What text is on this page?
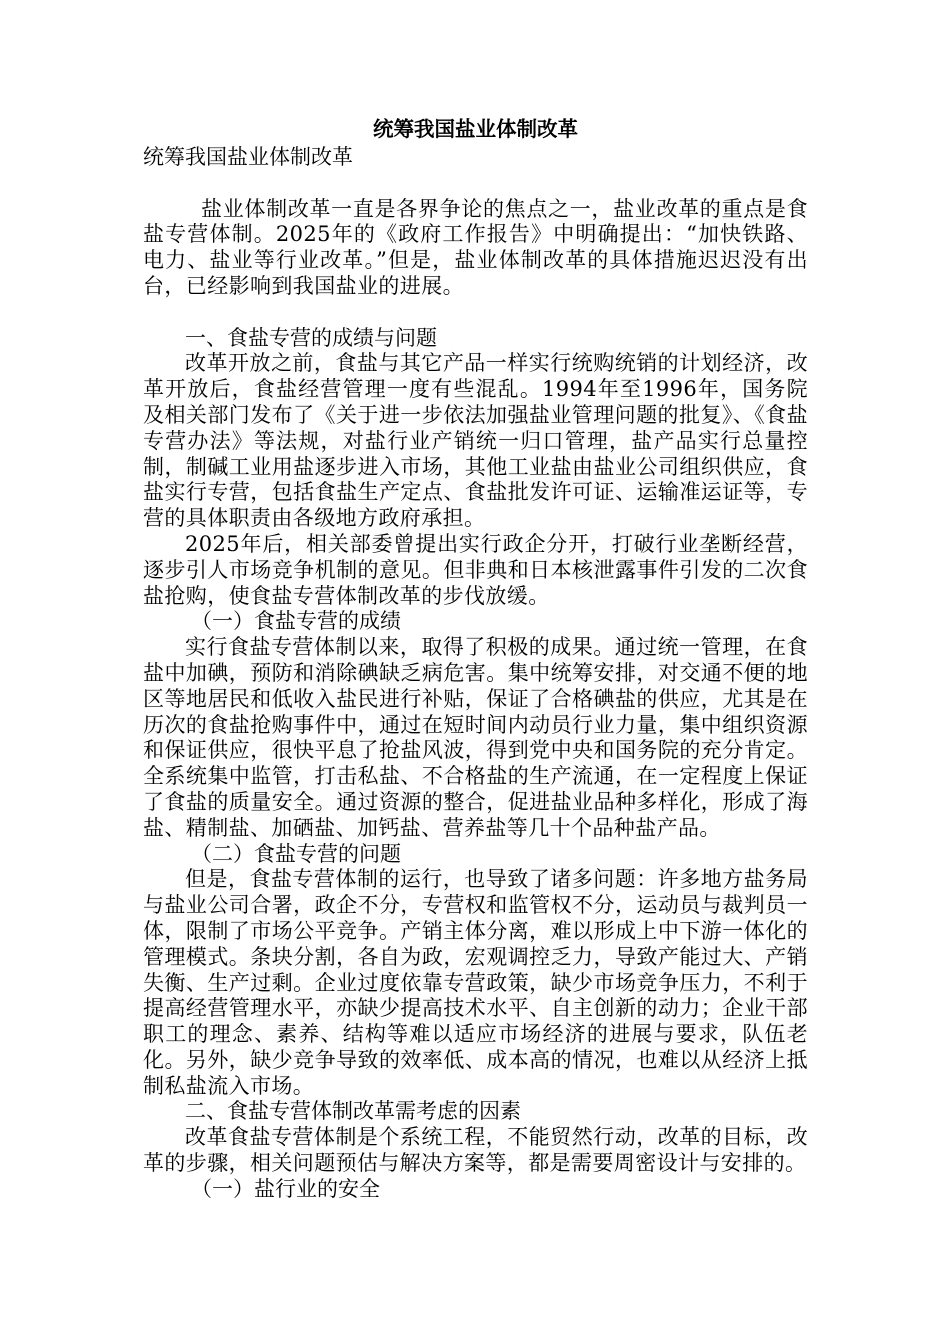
统筹我国盐业体制改革
统筹我国盐业体制改革

盐业体制改革一直是各界争论的焦点之一，盐业改革的重点是食盐专营体制。2025年的《政府工作报告》中明确提出：“加快铁路、电力、盐业等行业改革。”但是，盐业体制改革的具体措施迟迟没有出台，已经影响到我国盐业的进展。

一、食盐专营的成绩与问题

改革开放之前，食盐与其它产品一样实行统购统销的计划经济，改革开放后，食盐经营管理一度有些混乱。1994年至1996年，国务院及相关部门发布了《关于进一步依法加强盐业管理问题的批复》、《食盐专营办法》等法规，对盐行业产销统一归口管理，盐产品实行总量控制，制碱工业用盐逐步进入市场，其他工业盐由盐业公司组织供应，食盐实行专营，包括食盐生产定点、食盐批发许可证、运输准运证等，专营的具体职责由各级地方政府承担。

2025年后，相关部委曾提出实行政企分开，打破行业垄断经营，逐步引人市场竞争机制的意见。但非典和日本核泄露事件引发的二次食盐抢购，使食盐专营体制改革的步伐放缓。

（一）食盐专营的成绩

实行食盐专营体制以来，取得了积极的成果。通过统一管理，在食盐中加碘，预防和消除碘缺乏病危害。集中统筹安排，对交通不便的地区等地居民和低收入盐民进行补贴，保证了合格碘盐的供应，尤其是在历次的食盐抢购事件中，通过在短时间内动员行业力量，集中组织资源和保证供应，很快平息了抢盐风波，得到党中央和国务院的充分肯定。全系统集中监管，打击私盐、不合格盐的生产流通，在一定程度上保证了食盐的质量安全。通过资源的整合，促进盐业品种多样化，形成了海盐、精制盐、加硒盐、加钙盐、营养盐等几十个品种盐产品。

（二）食盐专营的问题

但是，食盐专营体制的运行，也导致了诸多问题：许多地方盐务局与盐业公司合署，政企不分，专营权和监管权不分，运动员与裁判员一体，限制了市场公平竞争。产销主体分离，难以形成上中下游一体化的管理模式。条块分割，各自为政，宏观调控乏力，导致产能过大、产销失衡、生产过剩。企业过度依靠专营政策，缺少市场竞争压力，不利于提高经营管理水平，亦缺少提高技术水平、自主创新的动力；企业干部职工的理念、素养、结构等难以适应市场经济的进展与要求，队伍老化。另外，缺少竞争导致的效率低、成本高的情况，也难以从经济上抵制私盐流入市场。

二、食盐专营体制改革需考虑的因素

改革食盐专营体制是个系统工程，不能贸然行动，改革的目标，改革的步骤，相关问题预估与解决方案等，都是需要周密设计与安排的。

（一）盐行业的安全
